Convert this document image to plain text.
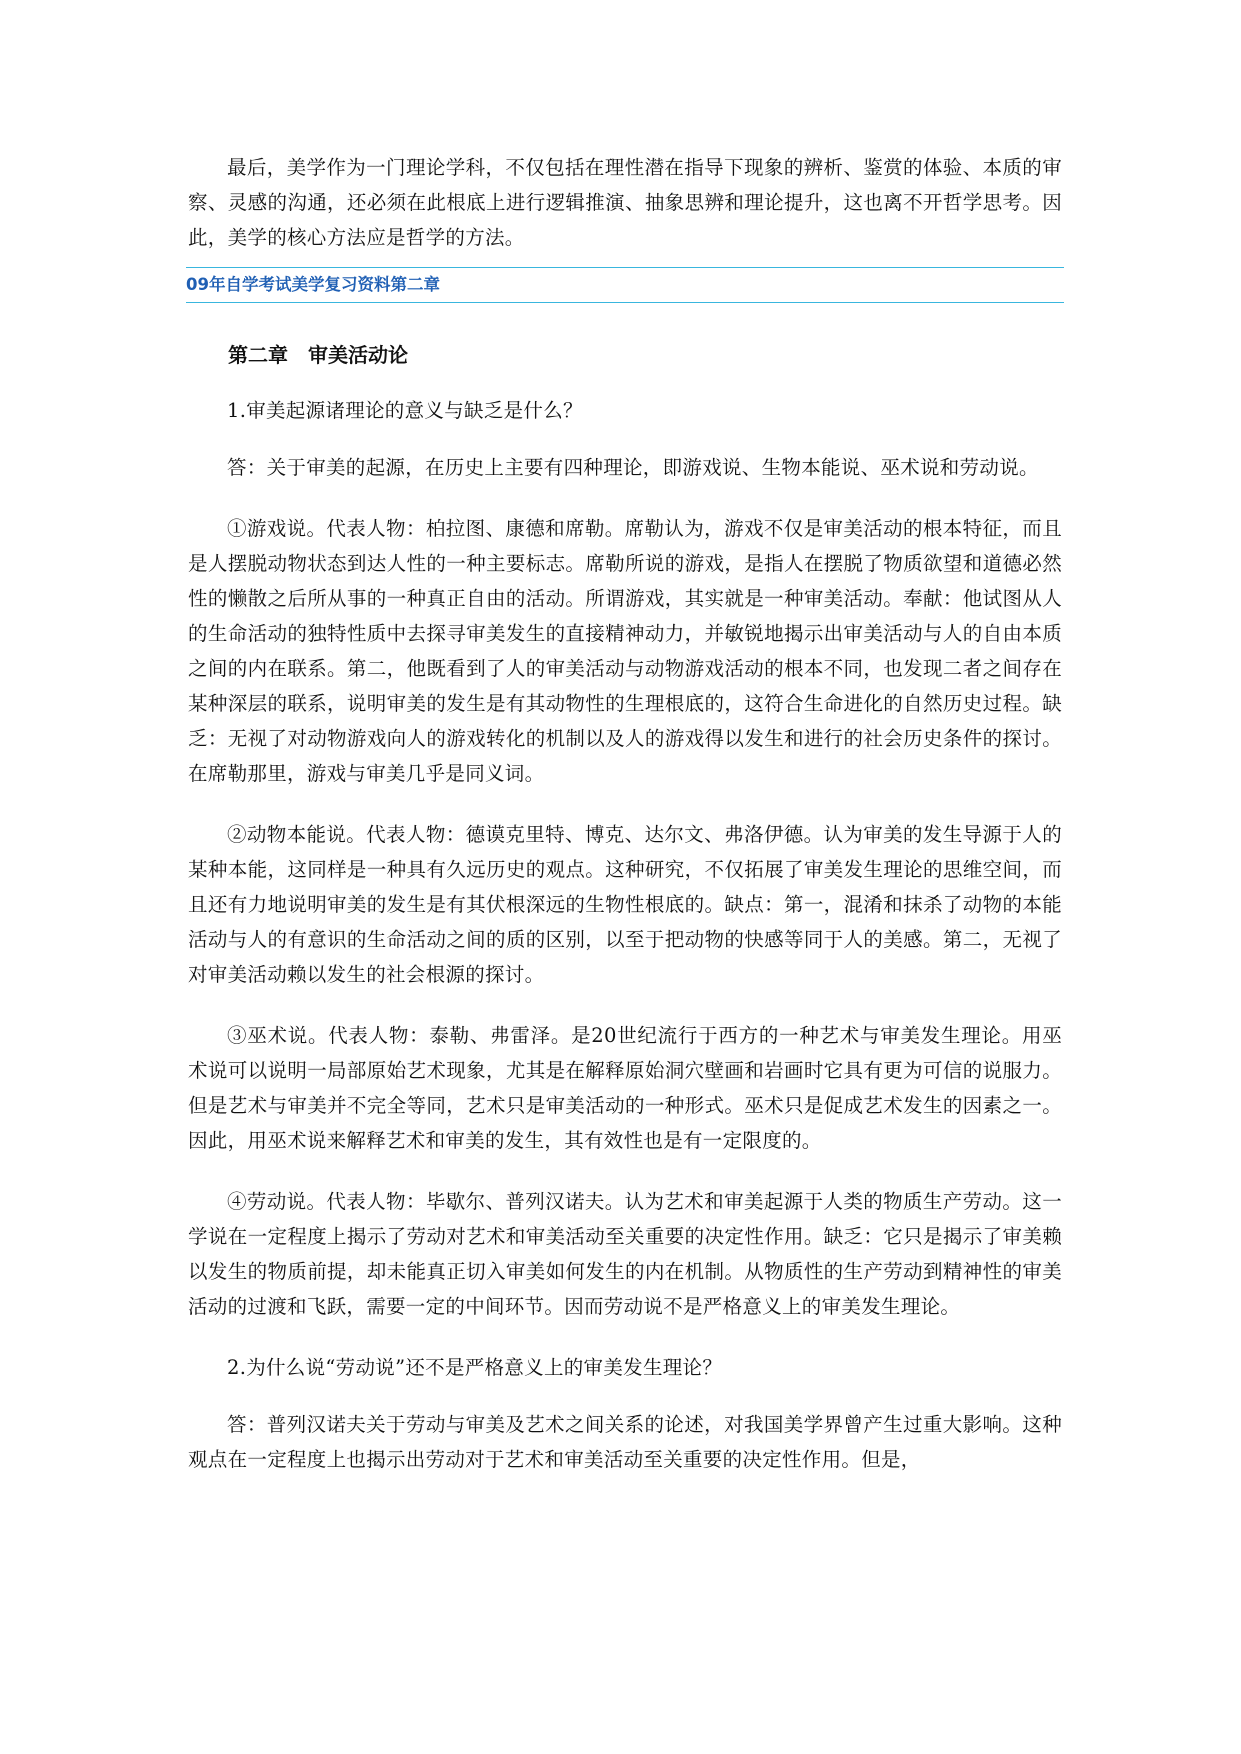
最后，美学作为一门理论学科，不仅包括在理性潜在指导下现象的辨析、鉴赏的体验、本质的审察、灵感的沟通，还必须在此根底上进行逻辑推演、抽象思辨和理论提升，这也离不开哲学思考。因此，美学的核心方法应是哲学的方法。

09年自学考试美学复习资料第二章

第二章　审美活动论

1.审美起源诸理论的意义与缺乏是什么？

答：关于审美的起源，在历史上主要有四种理论，即游戏说、生物本能说、巫术说和劳动说。

①游戏说。代表人物：柏拉图、康德和席勒。席勒认为，游戏不仅是审美活动的根本特征，而且是人摆脱动物状态到达人性的一种主要标志。席勒所说的游戏，是指人在摆脱了物质欲望和道德必然性的懒散之后所从事的一种真正自由的活动。所谓游戏，其实就是一种审美活动。奉献：他试图从人的生命活动的独特性质中去探寻审美发生的直接精神动力，并敏锐地揭示出审美活动与人的自由本质之间的内在联系。第二，他既看到了人的审美活动与动物游戏活动的根本不同，也发现二者之间存在某种深层的联系，说明审美的发生是有其动物性的生理根底的，这符合生命进化的自然历史过程。缺乏：无视了对动物游戏向人的游戏转化的机制以及人的游戏得以发生和进行的社会历史条件的探讨。在席勒那里，游戏与审美几乎是同义词。

②动物本能说。代表人物：德谟克里特、博克、达尔文、弗洛伊德。认为审美的发生导源于人的某种本能，这同样是一种具有久远历史的观点。这种研究，不仅拓展了审美发生理论的思维空间，而且还有力地说明审美的发生是有其伏根深远的生物性根底的。缺点：第一，混淆和抹杀了动物的本能活动与人的有意识的生命活动之间的质的区别，以至于把动物的快感等同于人的美感。第二，无视了对审美活动赖以发生的社会根源的探讨。

③巫术说。代表人物：泰勒、弗雷泽。是20世纪流行于西方的一种艺术与审美发生理论。用巫术说可以说明一局部原始艺术现象，尤其是在解释原始洞穴壁画和岩画时它具有更为可信的说服力。但是艺术与审美并不完全等同，艺术只是审美活动的一种形式。巫术只是促成艺术发生的因素之一。因此，用巫术说来解释艺术和审美的发生，其有效性也是有一定限度的。

④劳动说。代表人物：毕歇尔、普列汉诺夫。认为艺术和审美起源于人类的物质生产劳动。这一学说在一定程度上揭示了劳动对艺术和审美活动至关重要的决定性作用。缺乏：它只是揭示了审美赖以发生的物质前提，却未能真正切入审美如何发生的内在机制。从物质性的生产劳动到精神性的审美活动的过渡和飞跃，需要一定的中间环节。因而劳动说不是严格意义上的审美发生理论。

2.为什么说“劳动说”还不是严格意义上的审美发生理论？

答：普列汉诺夫关于劳动与审美及艺术之间关系的论述，对我国美学界曾产生过重大影响。这种观点在一定程度上也揭示出劳动对于艺术和审美活动至关重要的决定性作用。但是，
